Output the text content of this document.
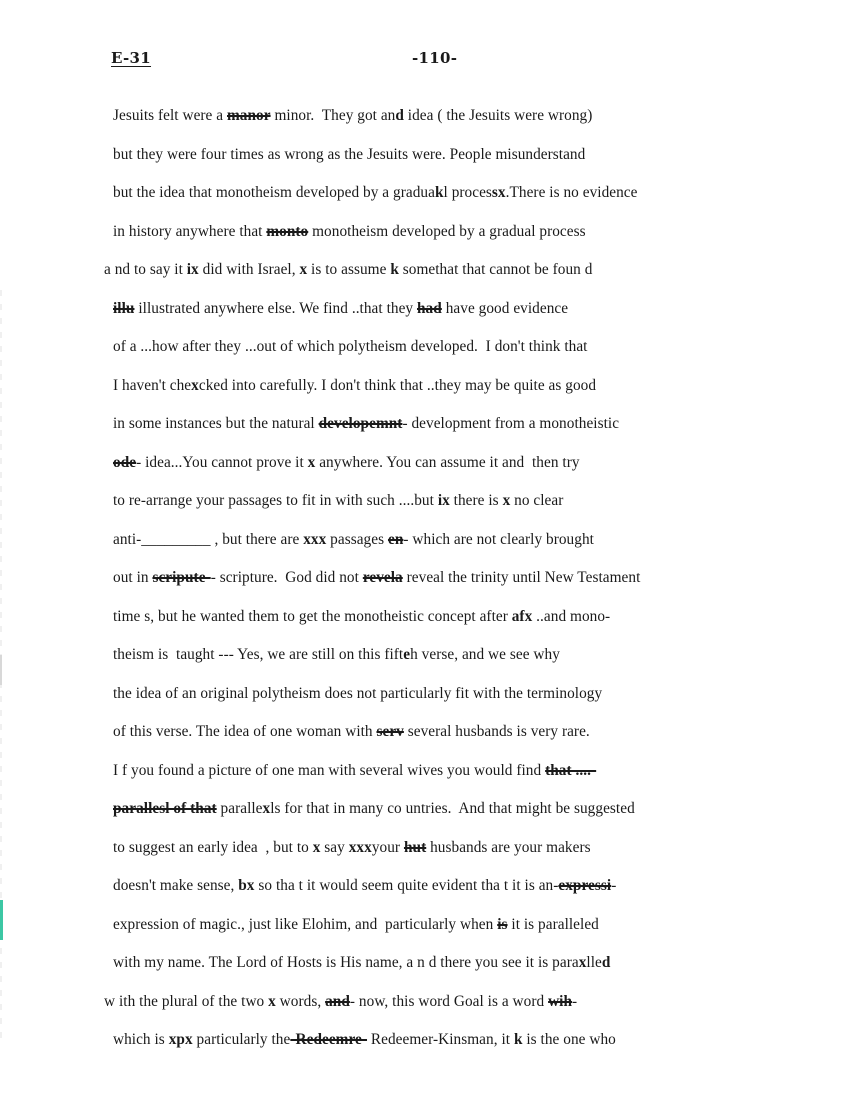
E-31	-110-
Jesuits felt were a manor minor.  They got and idea ( the Jesuits were wrong)
but they were four times as wrong as the Jesuits were. People misunderstand
but the idea that monotheism developed by a graduakl processx.There is no evidence
in history anywhere that monto monotheism developed by a gradual process
a nd to say it ix did with Israel, x is to assume k somethat that cannot be foun d
illu illustrated anywhere else. We find ..that they had have good evidence
of a ...how after they ...out of which polytheism developed.  I don't think that
I haven't chexcked into carefully. I don't think that ..they may be quite as good
in some instances but the natural developemnt- development from a monotheistic
ode- idea...You cannot prove it x anywhere. You can assume it and  then try
to re-arrange your passages to fit in with such ....but ix there is x no clear
anti-_________ , but there are xxx passages en- which are not clearly brought
out in scripute-- scripture.  God did not revela reveal the trinity until New Testament
time s, but he wanted them to get the monotheistic concept after afx ..and mono-
theism is  taught --- Yes, we are still on this fifteh verse, and we see why
the idea of an original polytheism does not particularly fit with the terminology
of this verse. The idea of one woman with serv several husbands is very rare.
I f you found a picture of one man with several wives you would find that ....-
parallesl of that parallexls for that in many co untries.  And that might be suggested
to suggest an early idea  , but to x say xxxyour hut husbands are your makers
doesn't make sense, bx so tha t it would seem quite evident tha t it is an-expressi-
expression of magic., just like Elohim, and  particularly when is it is paralleled
with my name. The Lord of Hosts is His name, a n d there you see it is paraxlled
w ith the plural of the two x words, and- now, this word Goal is a word wih-
which is xpx particularly the-Redeemre- Redeemer-Kinsman, it k is the one who
